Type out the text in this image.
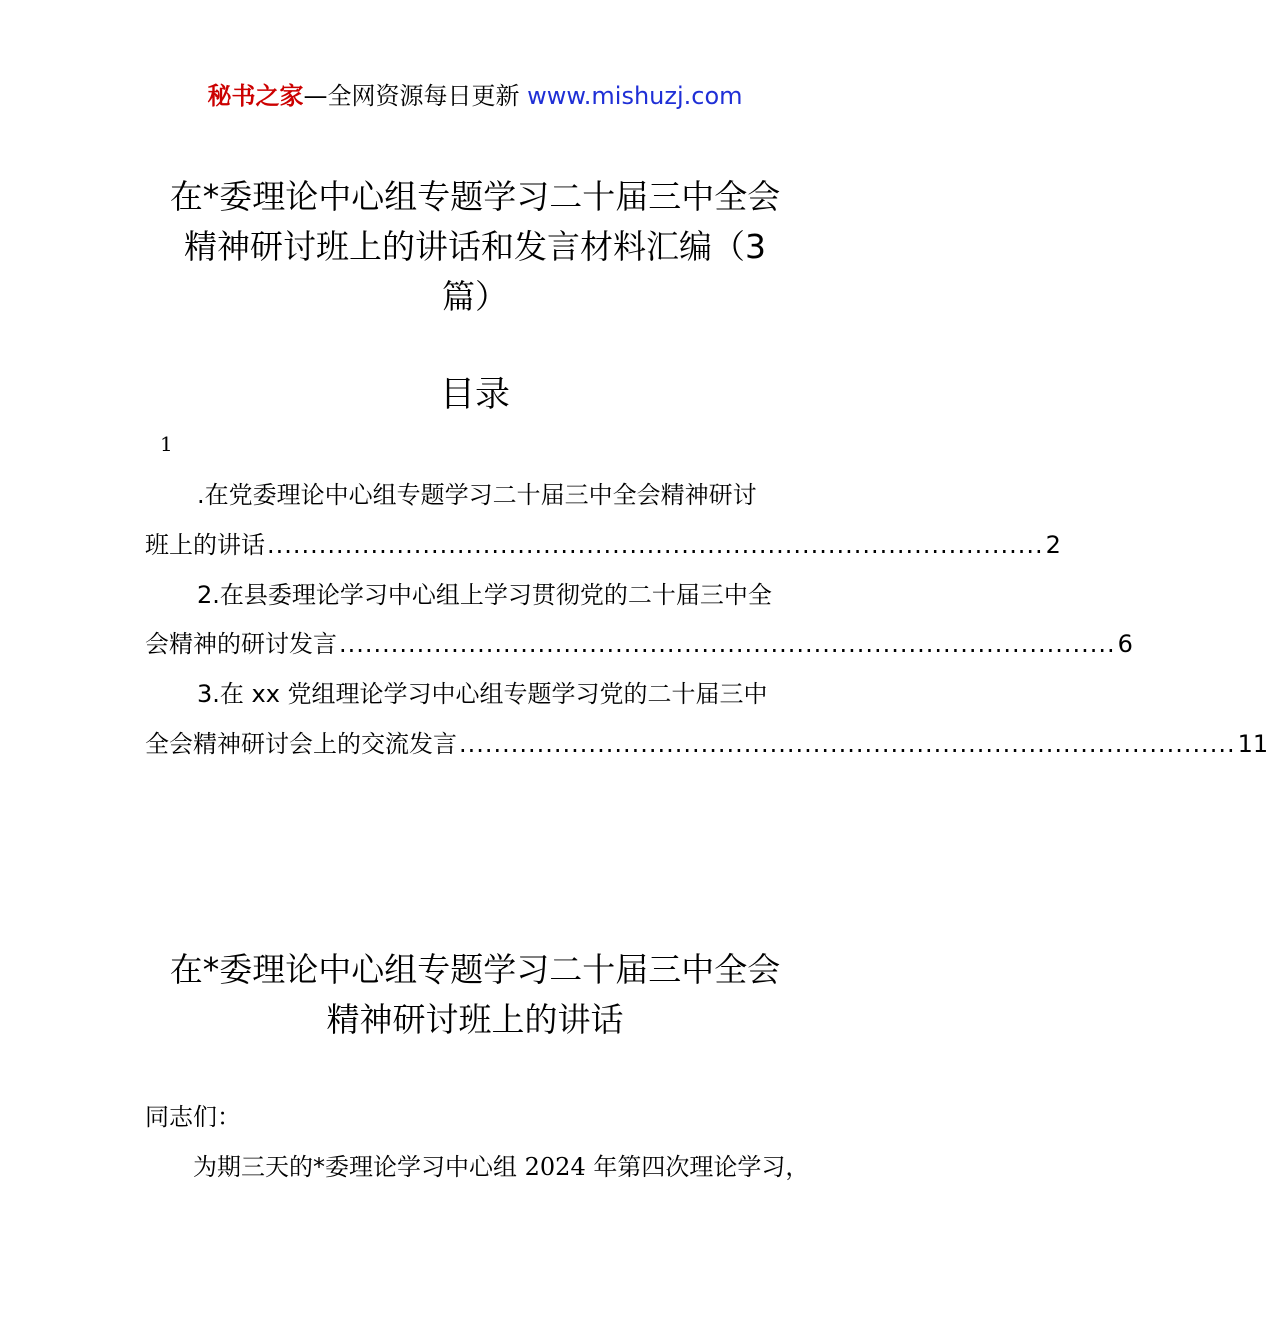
秘书之家—全网资源每日更新 www.mishuzj.com
在*委理论中心组专题学习二十届三中全会
精神研讨班上的讲话和发言材料汇编（3
篇）
目录
1
.在党委理论中心组专题学习二十届三中全会精神研讨
班上的讲话 .......................................................................................... 2
2.在县委理论学习中心组上学习贯彻党的二十届三中全
会精神的研讨发言 .......................................................................................... 6
3.在 xx 党组理论学习中心组专题学习党的二十届三中
全会精神研讨会上的交流发言 .......................................................................................... 11
在*委理论中心组专题学习二十届三中全会
精神研讨班上的讲话
同志们：
为期三天的*委理论学习中心组 2024 年第四次理论学习，
